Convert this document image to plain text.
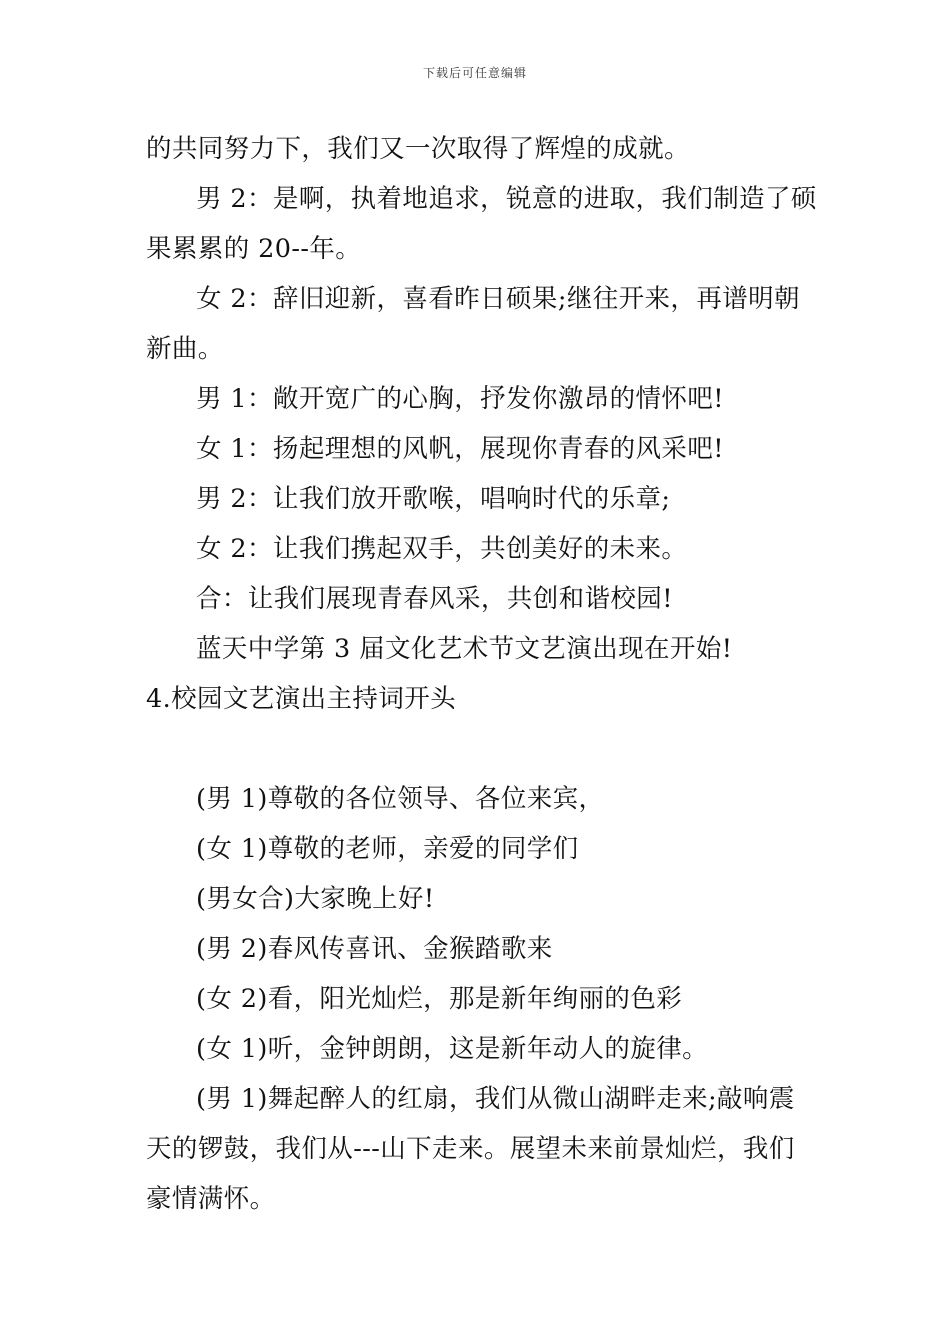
下载后可任意编辑
的共同努力下，我们又一次取得了辉煌的成就。
男 2：是啊，执着地追求，锐意的进取，我们制造了硕
果累累的 20--年。
女 2：辞旧迎新，喜看昨日硕果;继往开来，再谱明朝
新曲。
男 1：敞开宽广的心胸，抒发你激昂的情怀吧!
女 1：扬起理想的风帆，展现你青春的风采吧!
男 2：让我们放开歌喉，唱响时代的乐章;
女 2：让我们携起双手，共创美好的未来。
合：让我们展现青春风采，共创和谐校园!
蓝天中学第 3 届文化艺术节文艺演出现在开始!
4.校园文艺演出主持词开头
(男 1)尊敬的各位领导、各位来宾，
(女 1)尊敬的老师，亲爱的同学们
(男女合)大家晚上好!
(男 2)春风传喜讯、金猴踏歌来
(女 2)看，阳光灿烂，那是新年绚丽的色彩
(女 1)听，金钟朗朗，这是新年动人的旋律。
(男 1)舞起醉人的红扇，我们从微山湖畔走来;敲响震
天的锣鼓，我们从---山下走来。展望未来前景灿烂，我们
豪情满怀。
